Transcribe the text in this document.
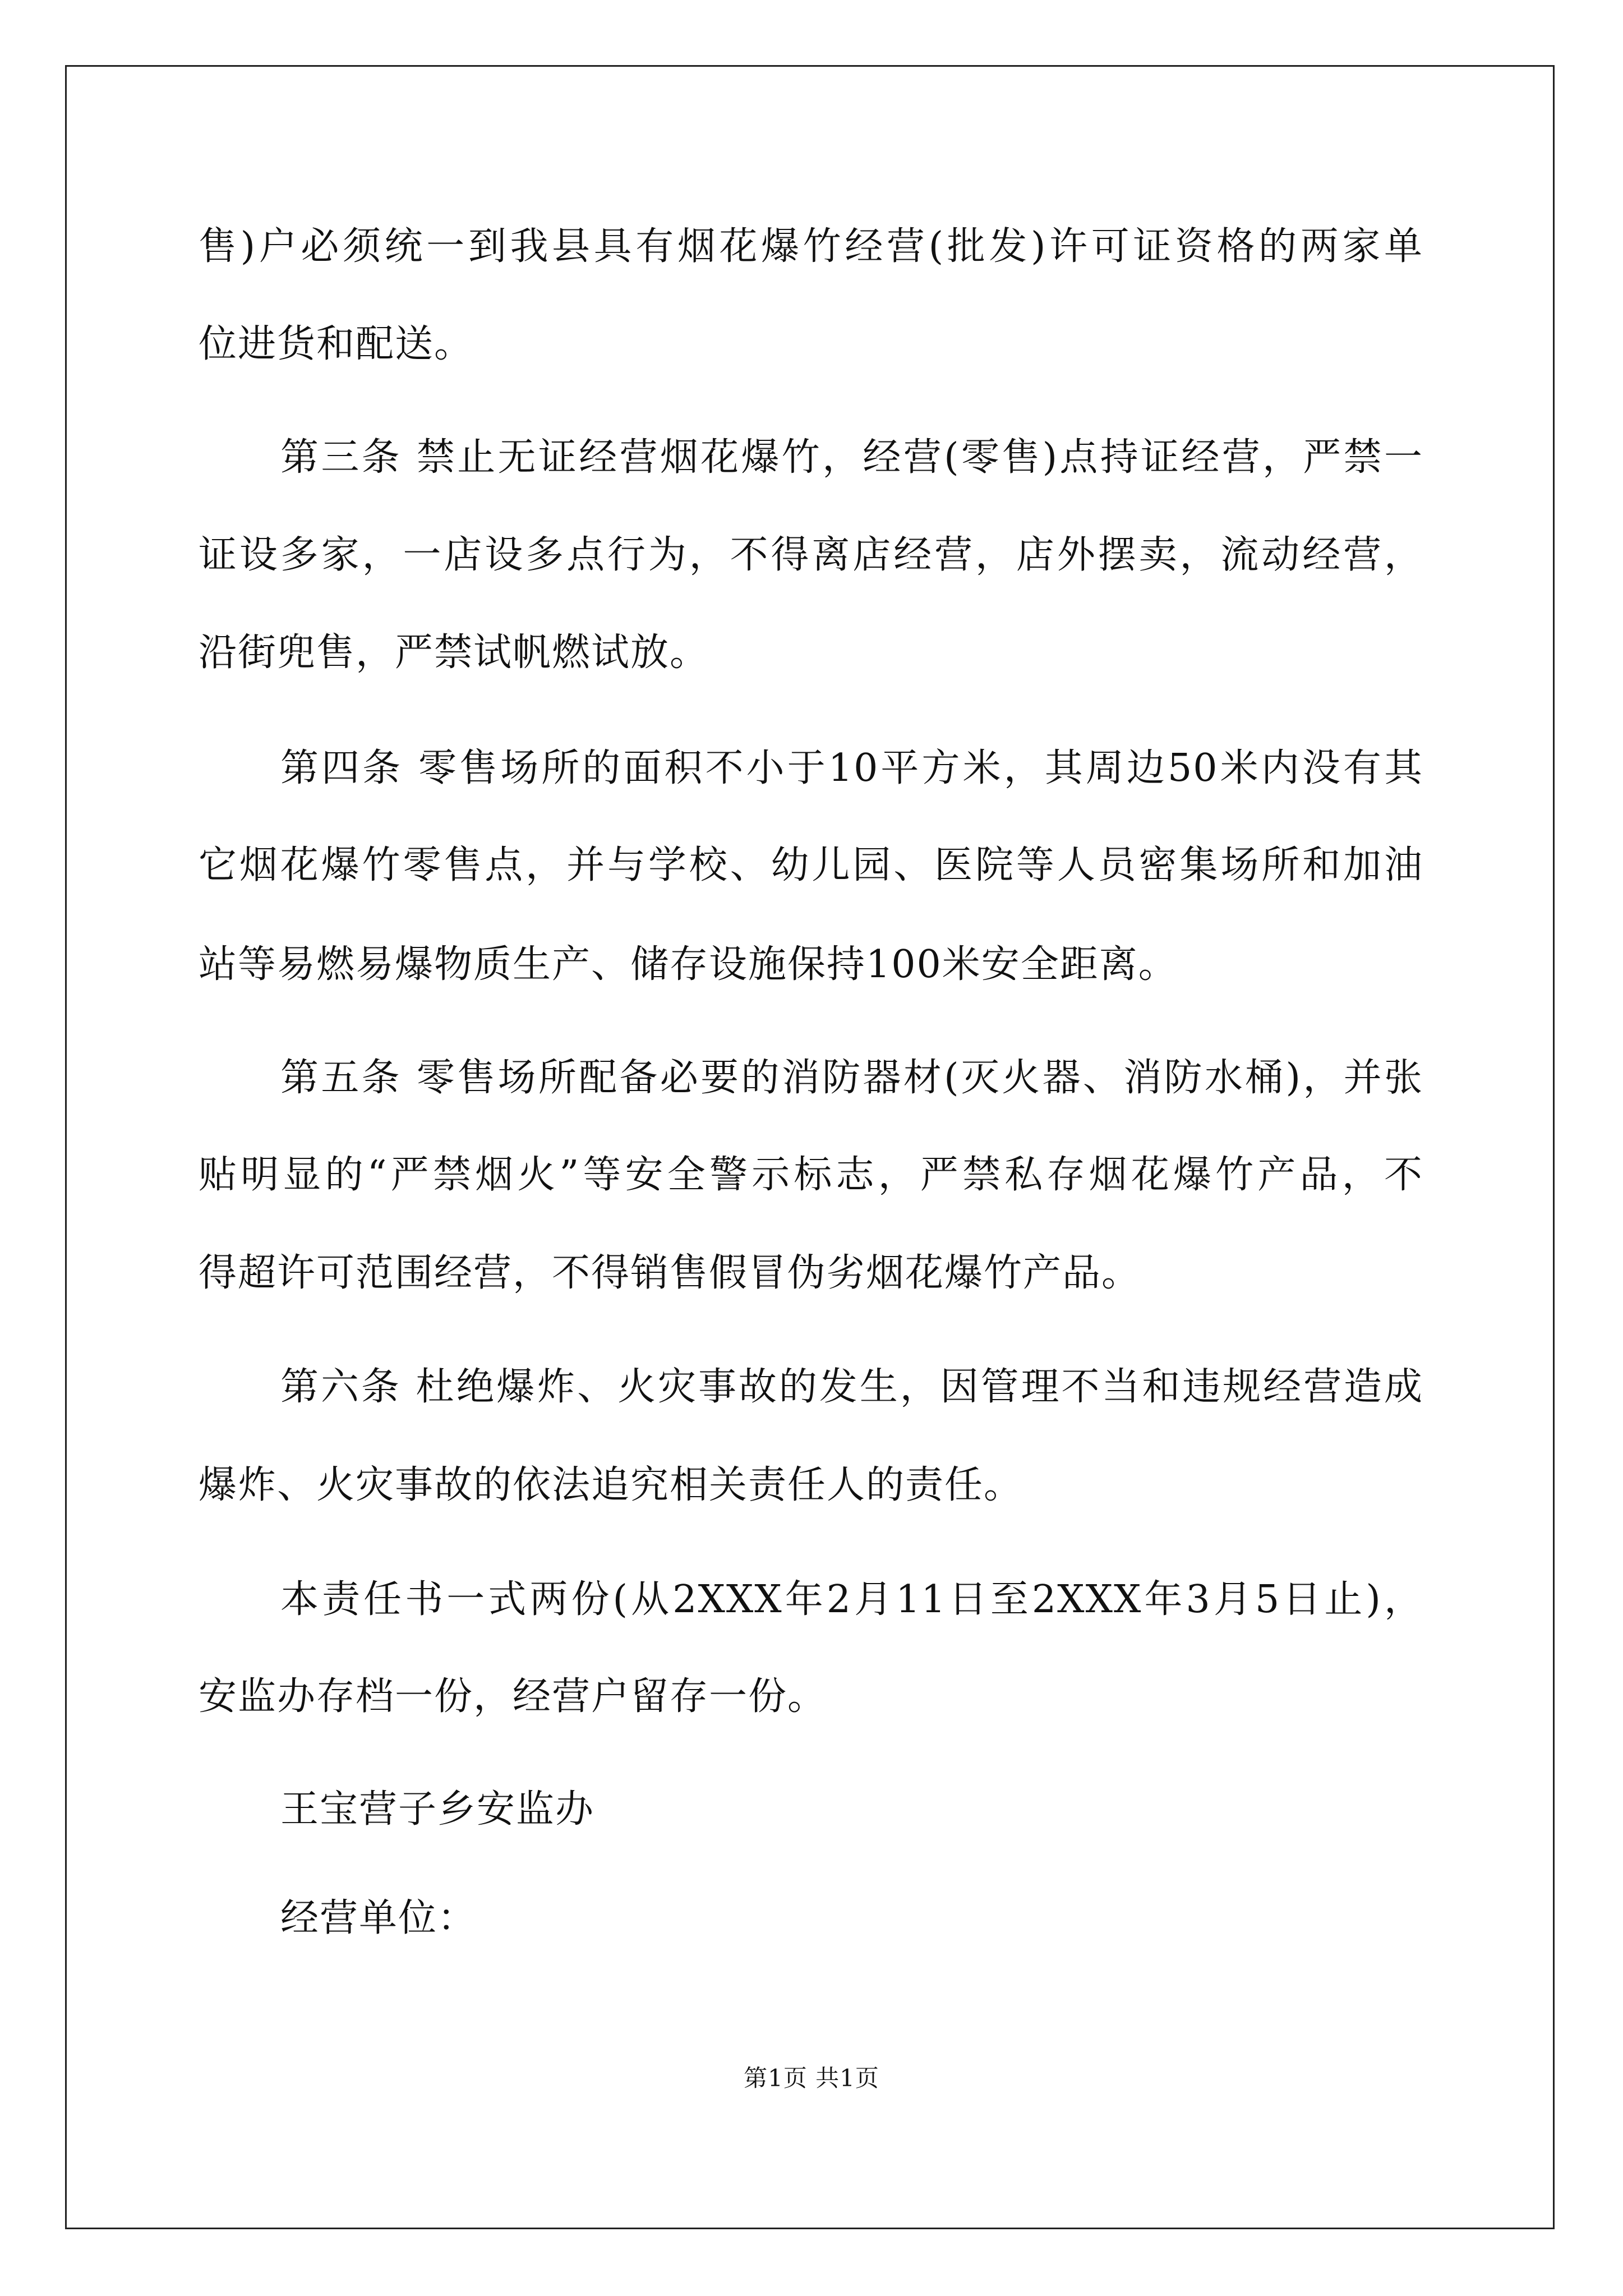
售)户必须统一到我县具有烟花爆竹经营(批发)许可证资格的两家单
位进货和配送。
第三条 禁止无证经营烟花爆竹，经营(零售)点持证经营，严禁一
证设多家，一店设多点行为，不得离店经营，店外摆卖，流动经营，
沿街兜售，严禁试帆燃试放。
第四条 零售场所的面积不小于10平方米，其周边50米内没有其
它烟花爆竹零售点，并与学校、幼儿园、医院等人员密集场所和加油
站等易燃易爆物质生产、储存设施保持100米安全距离。
第五条 零售场所配备必要的消防器材(灭火器、消防水桶)，并张
贴明显的“严禁烟火”等安全警示标志，严禁私存烟花爆竹产品，不
得超许可范围经营，不得销售假冒伪劣烟花爆竹产品。
第六条 杜绝爆炸、火灾事故的发生，因管理不当和违规经营造成
爆炸、火灾事故的依法追究相关责任人的责任。
本责任书一式两份(从2XXX年2月11日至2XXX年3月5日止)，
安监办存档一份，经营户留存一份。
王宝营子乡安监办
经营单位：
第1页 共1页
